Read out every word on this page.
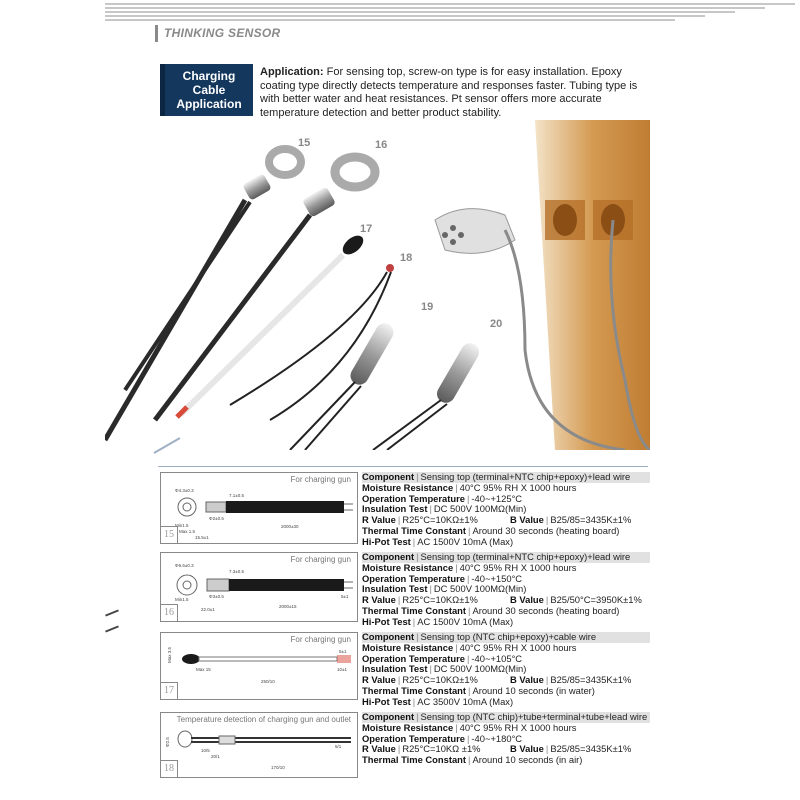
THINKING SENSOR
Charging
Cable
Application
Application: For sensing top, screw-on type is for easy installation. Epoxy coating type directly detects temperature and responses faster. Tubing type is with better water and heat resistances. Pt sensor offers more accurate temperature detection and better product stability.
15	16
17
18
19
20
For charging gun
Φ4.3±0.3
7.1±0.5
Min1.5
Max 1.5
15.5±1
Φ2±0.5
2000±30
15
Component | Sensing top (terminal+NTC chip+epoxy)+lead wire
Moisture Resistance | 40°C 95% RH X 1000 hours
Operation Temperature | -40~+125°C
Insulation Test | DC 500V 100MΩ(Min)
R Value | R25°C=10KΩ±1%	B Value | B25/85=3435K±1%
Thermal Time Constant | Around 30 seconds (heating board)
Hi-Pot Test | AC 1500V 10mA (Max)
For charging gun
Φ6.6±0.3
7.3±0.5
Min1.5
22.0±1
Φ3±0.5
2000±15
5±1
16
Component | Sensing top (terminal+NTC chip+epoxy)+lead wire
Moisture Resistance | 40°C 95% RH X 1000 hours
Operation Temperature | -40~+150°C
Insulation Test | DC 500V 100MΩ(Min)
R Value | R25°C=10KΩ±1%	B Value | B25/50°C=3950K±1%
Thermal Time Constant | Around 30 seconds (heating board)
Hi-Pot Test | AC 1500V 10mA (Max)
For charging gun
Max 3.5
Max 15
250/10
5±1
10±1
17
Component | Sensing top (NTC chip+epoxy)+cable wire
Moisture Resistance | 40°C 95% RH X 1000 hours
Operation Temperature | -40~+105°C
Insulation Test | DC 500V 100MΩ(Min)
R Value | R25°C=10KΩ±1%	B Value | B25/85=3435K±1%
Thermal Time Constant | Around 10 seconds (in water)
Hi-Pot Test | AC 3500V 10mA (Max)
Temperature detection of charging gun and outlet
Φ2.5
10/5
20/1
170/10
5/1
18
Component | Sensing top (NTC chip)+tube+terminal+tube+lead wire
Moisture Resistance | 40°C 95% RH X 1000 hours
Operation Temperature | -40~+180°C
R Value | R25°C=10KΩ ±1%	B Value | B25/85=3435K±1%
Thermal Time Constant | Around 10 seconds (in air)
